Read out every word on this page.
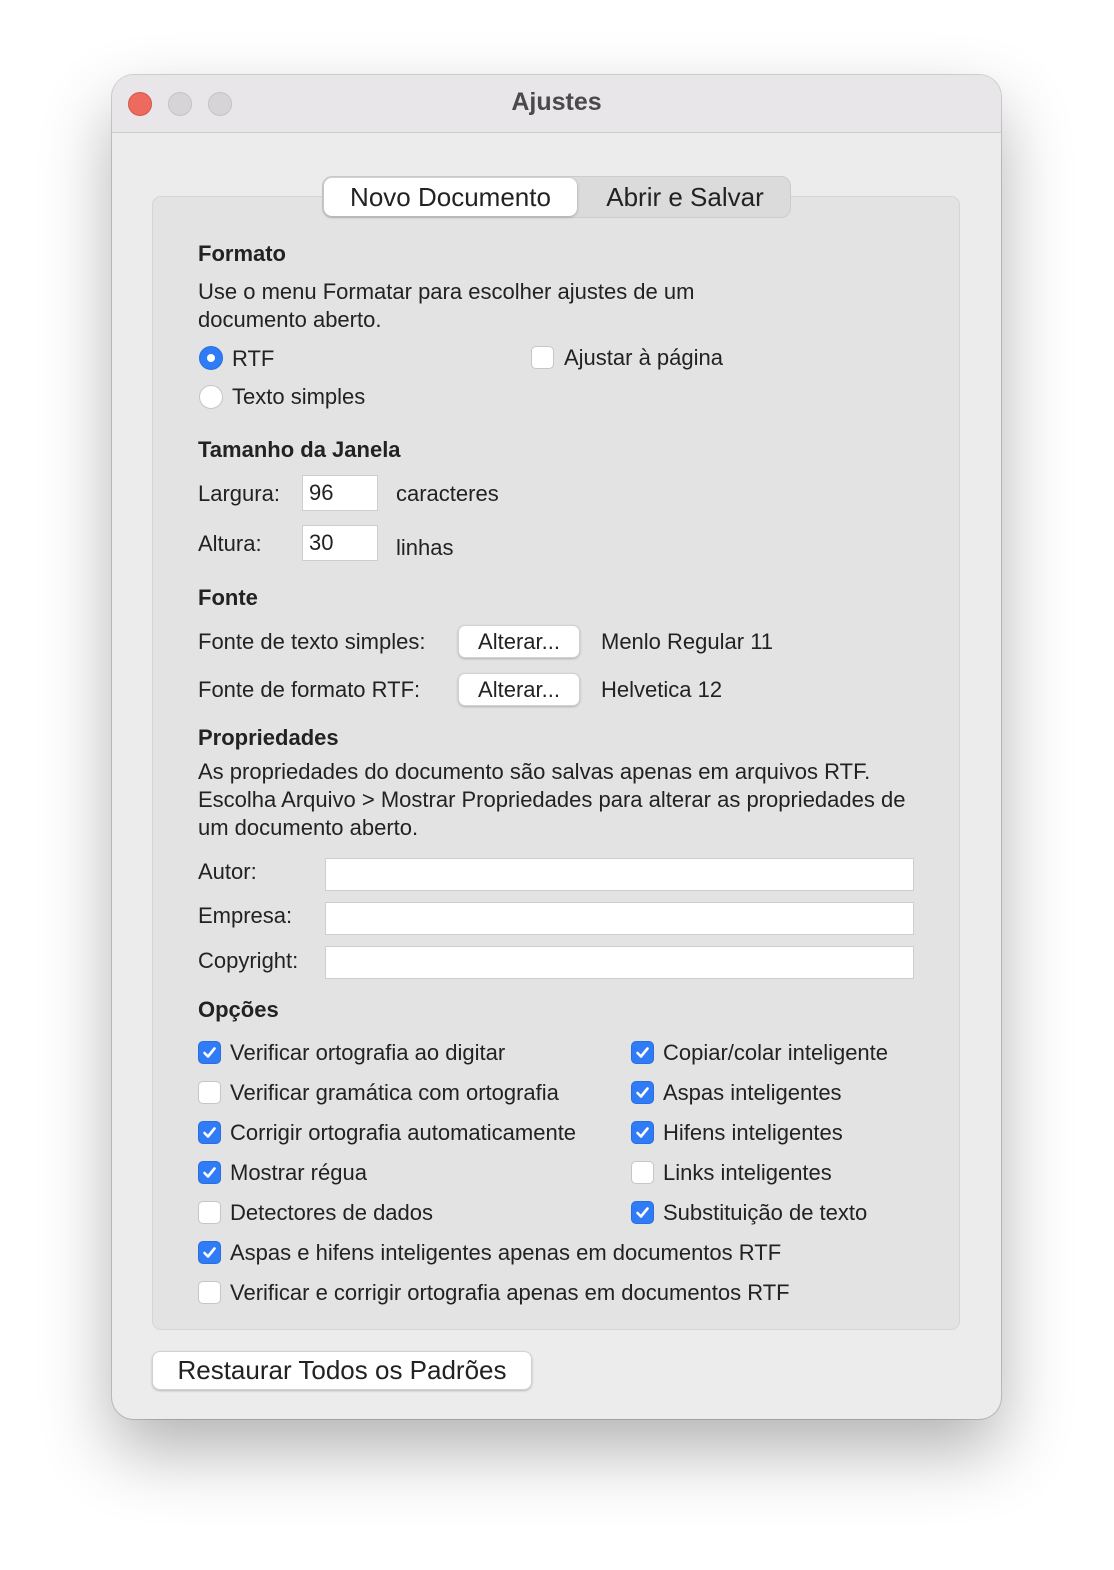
Ajustes
Novo Documento	Abrir e Salvar
Formato
Use o menu Formatar para escolher ajustes de um documento aberto.
RTF
Texto simples
Ajustar à página
Tamanho da Janela
Largura:
96	caracteres
Altura:
30	linhas
Fonte
Fonte de texto simples:	Alterar...	Menlo Regular 11
Fonte de formato RTF:	Alterar...	Helvetica 12
Propriedades
As propriedades do documento são salvas apenas em arquivos RTF. Escolha Arquivo > Mostrar Propriedades para alterar as propriedades de um documento aberto.
Autor:
Empresa:
Copyright:
Opções
Verificar ortografia ao digitar
Verificar gramática com ortografia
Corrigir ortografia automaticamente
Mostrar régua
Detectores de dados
Copiar/colar inteligente
Aspas inteligentes
Hifens inteligentes
Links inteligentes
Substituição de texto
Aspas e hifens inteligentes apenas em documentos RTF
Verificar e corrigir ortografia apenas em documentos RTF
Restaurar Todos os Padrões
